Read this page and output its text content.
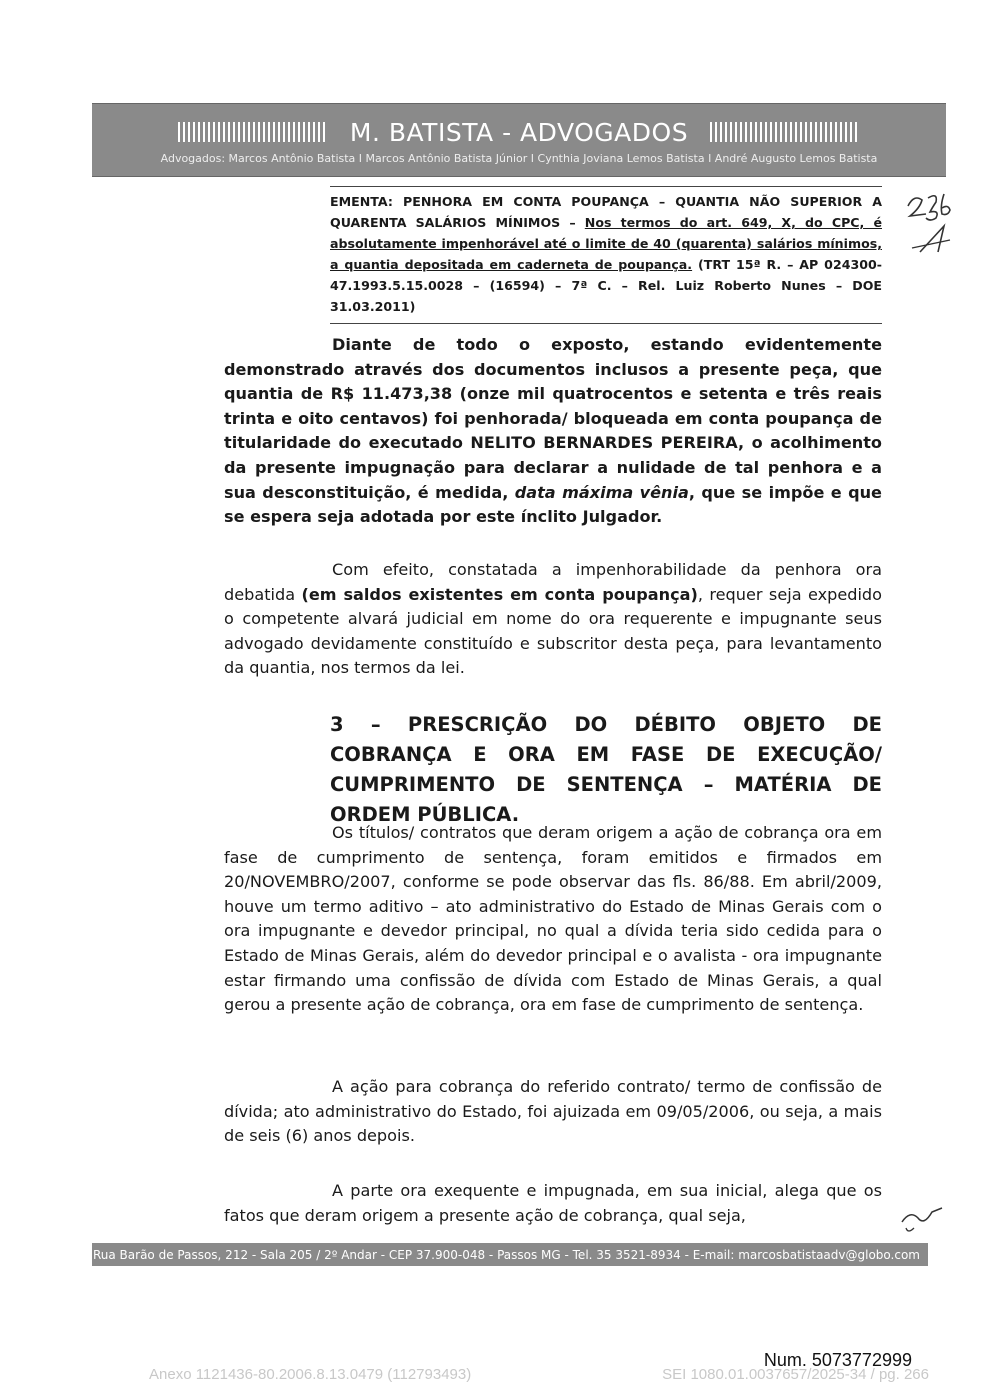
M. BATISTA - ADVOGADOS
Advogados: Marcos Antônio Batista I Marcos Antônio Batista Júnior I Cynthia Joviana Lemos Batista I André Augusto Lemos Batista
EMENTA: PENHORA EM CONTA POUPANÇA – QUANTIA NÃO SUPERIOR A QUARENTA SALÁRIOS MÍNIMOS – Nos termos do art. 649, X, do CPC, é absolutamente impenhorável até o limite de 40 (quarenta) salários mínimos, a quantia depositada em caderneta de poupança. (TRT 15ª R. – AP 024300-47.1993.5.15.0028 – (16594) – 7ª C. – Rel. Luiz Roberto Nunes – DOE 31.03.2011)
Diante de todo o exposto, estando evidentemente demonstrado através dos documentos inclusos a presente peça, que quantia de R$ 11.473,38 (onze mil quatrocentos e setenta e três reais trinta e oito centavos) foi penhorada/ bloqueada em conta poupança de titularidade do executado NELITO BERNARDES PEREIRA, o acolhimento da presente impugnação para declarar a nulidade de tal penhora e a sua desconstituição, é medida, data máxima vênia, que se impõe e que se espera seja adotada por este ínclito Julgador.
Com efeito, constatada a impenhorabilidade da penhora ora debatida (em saldos existentes em conta poupança), requer seja expedido o competente alvará judicial em nome do ora requerente e impugnante seus advogado devidamente constituído e subscritor desta peça, para levantamento da quantia, nos termos da lei.
3 – PRESCRIÇÃO DO DÉBITO OBJETO DE COBRANÇA E ORA EM FASE DE EXECUÇÃO/ CUMPRIMENTO DE SENTENÇA – MATÉRIA DE ORDEM PÚBLICA.
Os títulos/ contratos que deram origem a ação de cobrança ora em fase de cumprimento de sentença, foram emitidos e firmados em 20/NOVEMBRO/2007, conforme se pode observar das fls. 86/88. Em abril/2009, houve um termo aditivo – ato administrativo do Estado de Minas Gerais com o ora impugnante e devedor principal, no qual a dívida teria sido cedida para o Estado de Minas Gerais, além do devedor principal e o avalista - ora impugnante estar firmando uma confissão de dívida com Estado de Minas Gerais, a qual gerou a presente ação de cobrança, ora em fase de cumprimento de sentença.
A ação para cobrança do referido contrato/ termo de confissão de dívida; ato administrativo do Estado, foi ajuizada em 09/05/2006, ou seja, a mais de seis (6) anos depois.
A parte ora exequente e impugnada, em sua inicial, alega que os fatos que deram origem a presente ação de cobrança, qual seja,
Rua Barão de Passos, 212 - Sala 205 / 2º Andar - CEP 37.900-048 - Passos MG - Tel. 35 3521-8934 - E-mail: marcosbatistaadv@globo.com
Num. 5073772999
Anexo 1121436-80.2006.8.13.0479 (112793493)	SEI 1080.01.0037657/2025-34 / pg. 266
